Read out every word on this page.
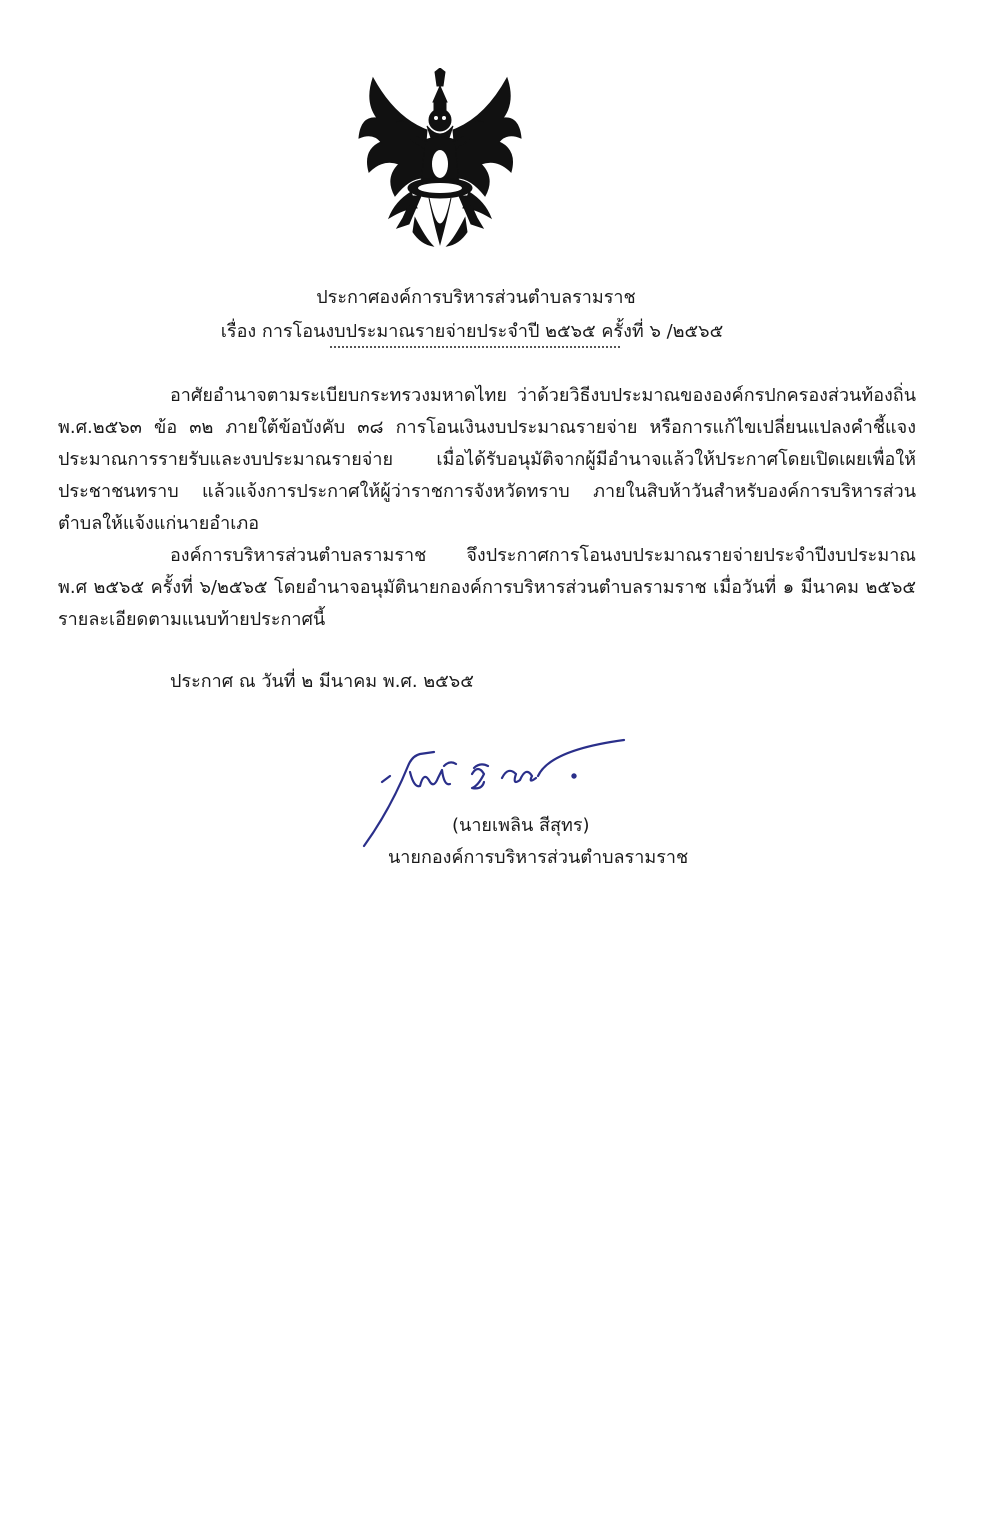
ประกาศองค์การบริหารส่วนตำบลรามราช
เรื่อง การโอนงบประมาณรายจ่ายประจำปี ๒๕๖๕ ครั้งที่ ๖ /๒๕๖๕
อาศัยอำนาจตามระเบียบกระทรวงมหาดไทย ว่าด้วยวิธีงบประมาณขององค์กรปกครองส่วนท้องถิ่น พ.ศ.๒๕๖๓ ข้อ ๓๒ ภายใต้ข้อบังคับ ๓๘ การโอนเงินงบประมาณรายจ่าย หรือการแก้ไขเปลี่ยนแปลงคำชี้แจงประมาณการรายรับและงบประมาณรายจ่าย เมื่อได้รับอนุมัติจากผู้มีอำนาจแล้วให้ประกาศโดยเปิดเผยเพื่อให้ประชาชนทราบ แล้วแจ้งการประกาศให้ผู้ว่าราชการจังหวัดทราบ ภายในสิบห้าวันสำหรับองค์การบริหารส่วนตำบลให้แจ้งแก่นายอำเภอ
องค์การบริหารส่วนตำบลรามราช จึงประกาศการโอนงบประมาณรายจ่ายประจำปีงบประมาณ พ.ศ ๒๕๖๕ ครั้งที่ ๖/๒๕๖๕ โดยอำนาจอนุมัตินายกองค์การบริหารส่วนตำบลรามราช เมื่อวันที่ ๑ มีนาคม ๒๕๖๕ รายละเอียดตามแนบท้ายประกาศนี้
ประกาศ ณ วันที่ ๒ มีนาคม พ.ศ. ๒๕๖๕
(นายเพลิน สีสุทร)
นายกองค์การบริหารส่วนตำบลรามราช
